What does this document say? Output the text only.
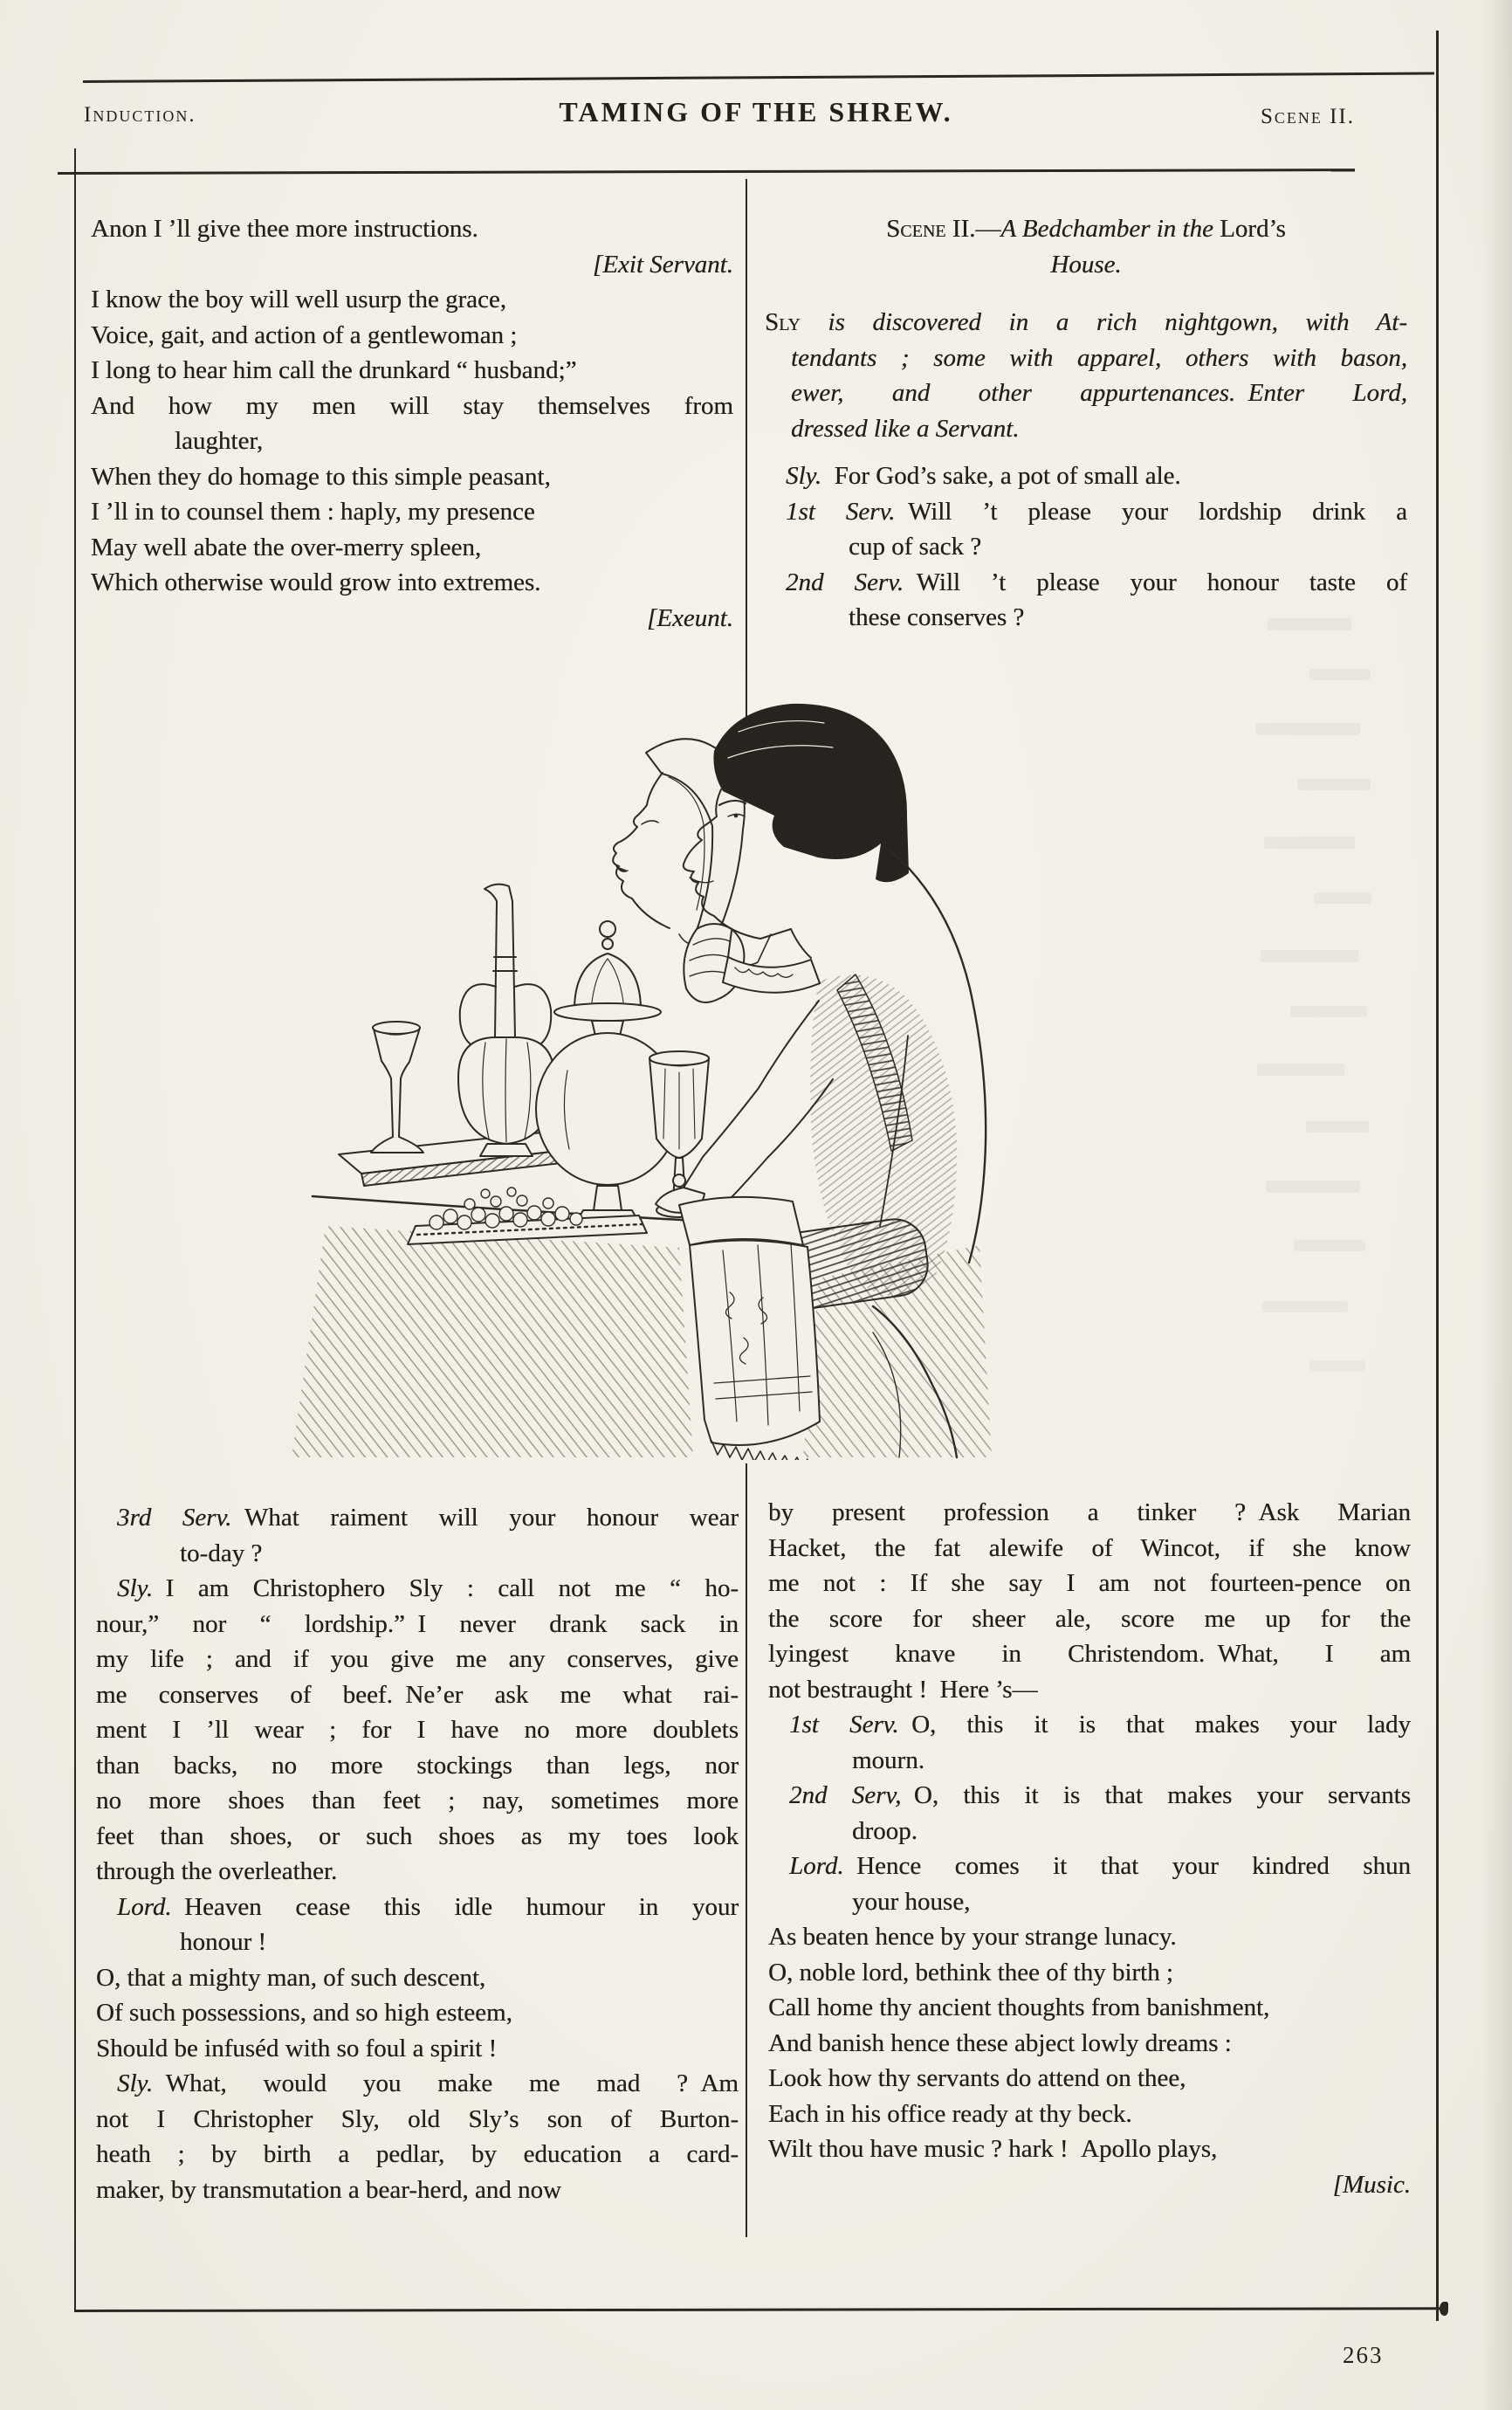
Induction.	TAMING OF THE SHREW.	Scene II.
Anon I ’ll give thee more instructions.
[Exit Servant.
I know the boy will well usurp the grace,
Voice, gait, and action of a gentlewoman ;
I long to hear him call the drunkard “ husband;”
And how my men will stay themselves from
laughter,
When they do homage to this simple peasant,
I ’ll in to counsel them : haply, my presence
May well abate the over-merry spleen,
Which otherwise would grow into extremes.
[Exeunt.
Scene II.—A Bedchamber in the Lord’s
House.
Sly is discovered in a rich nightgown, with At-
tendants ; some with apparel, others with bason,
ewer, and other appurtenances. Enter Lord,
dressed like a Servant.
Sly.  For God’s sake, a pot of small ale.
1st Serv.  Will ’t please your lordship drink a
cup of sack ?
2nd Serv.  Will ’t please your honour taste of
these conserves ?
3rd Serv.  What raiment will your honour wear
to-day ?
Sly.  I am Christophero Sly : call not me “ ho-
nour,” nor “ lordship.” I never drank sack in
my life ; and if you give me any conserves, give
me conserves of beef. Ne’er ask me what rai-
ment I ’ll wear ; for I have no more doublets
than backs, no more stockings than legs, nor
no more shoes than feet ; nay, sometimes more
feet than shoes, or such shoes as my toes look
through the overleather.
Lord.  Heaven cease this idle humour in your
honour !
O, that a mighty man, of such descent,
Of such possessions, and so high esteem,
Should be infuséd with so foul a spirit !
Sly.  What, would you make me mad ? Am
not I Christopher Sly, old Sly’s son of Burton-
heath ; by birth a pedlar, by education a card-
maker, by transmutation a bear-herd, and now
by present profession a tinker ? Ask Marian
Hacket, the fat alewife of Wincot, if she know
me not : If she say I am not fourteen-pence on
the score for sheer ale, score me up for the
lyingest knave in Christendom. What, I am
not bestraught ! Here ’s—
1st Serv.  O, this it is that makes your lady
mourn.
2nd Serv,  O, this it is that makes your servants
droop.
Lord.  Hence comes it that your kindred shun
your house,
As beaten hence by your strange lunacy.
O, noble lord, bethink thee of thy birth ;
Call home thy ancient thoughts from banishment,
And banish hence these abject lowly dreams :
Look how thy servants do attend on thee,
Each in his office ready at thy beck.
Wilt thou have music ? hark ! Apollo plays,
[Music.
263
